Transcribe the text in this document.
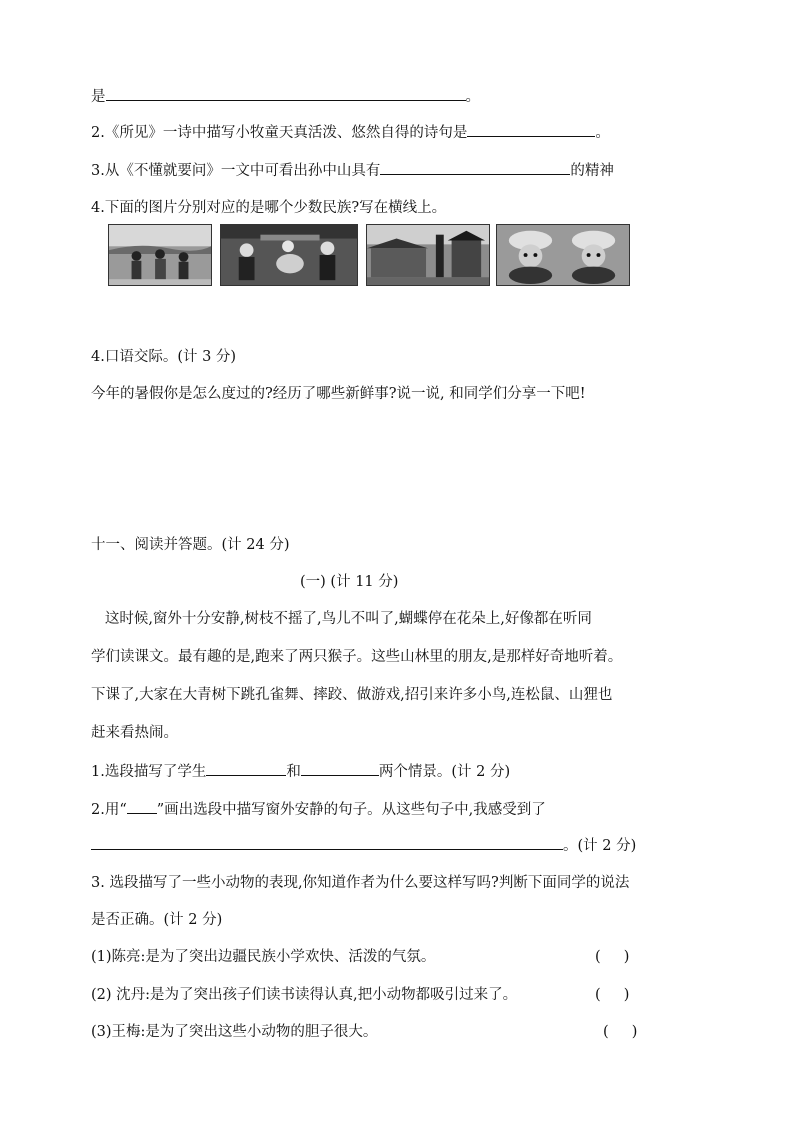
是	。
2.《所见》一诗中描写小牧童天真活泼、悠然自得的诗句是	。
3.从《不懂就要问》一文中可看出孙中山具有	的精神
4.下面的图片分别对应的是哪个少数民族?写在横线上。
4.口语交际。(计 3 分)
今年的暑假你是怎么度过的?经历了哪些新鲜事?说一说, 和同学们分享一下吧!
十一、阅读并答题。(计 24 分)
(一) (计 11 分)
这时候,窗外十分安静,树枝不摇了,鸟儿不叫了,蝴蝶停在花朵上,好像都在听同
学们读课文。最有趣的是,跑来了两只猴子。这些山林里的朋友,是那样好奇地听着。
下课了,大家在大青树下跳孔雀舞、摔跤、做游戏,招引来许多小鸟,连松鼠、山狸也
赶来看热闹。
1.选段描写了学生	和	两个情景。(计 2 分)
2.用“ ”画出选段中描写窗外安静的句子。从这些句子中,我感受到了
。(计 2 分)
3. 选段描写了一些小动物的表现,你知道作者为什么要这样写吗?判断下面同学的说法
是否正确。(计 2 分)
(1)陈亮:是为了突出边疆民族小学欢快、活泼的气氛。	(     )
(2) 沈丹:是为了突出孩子们读书读得认真,把小动物都吸引过来了。	(     )
(3)王梅:是为了突出这些小动物的胆子很大。	(     )
